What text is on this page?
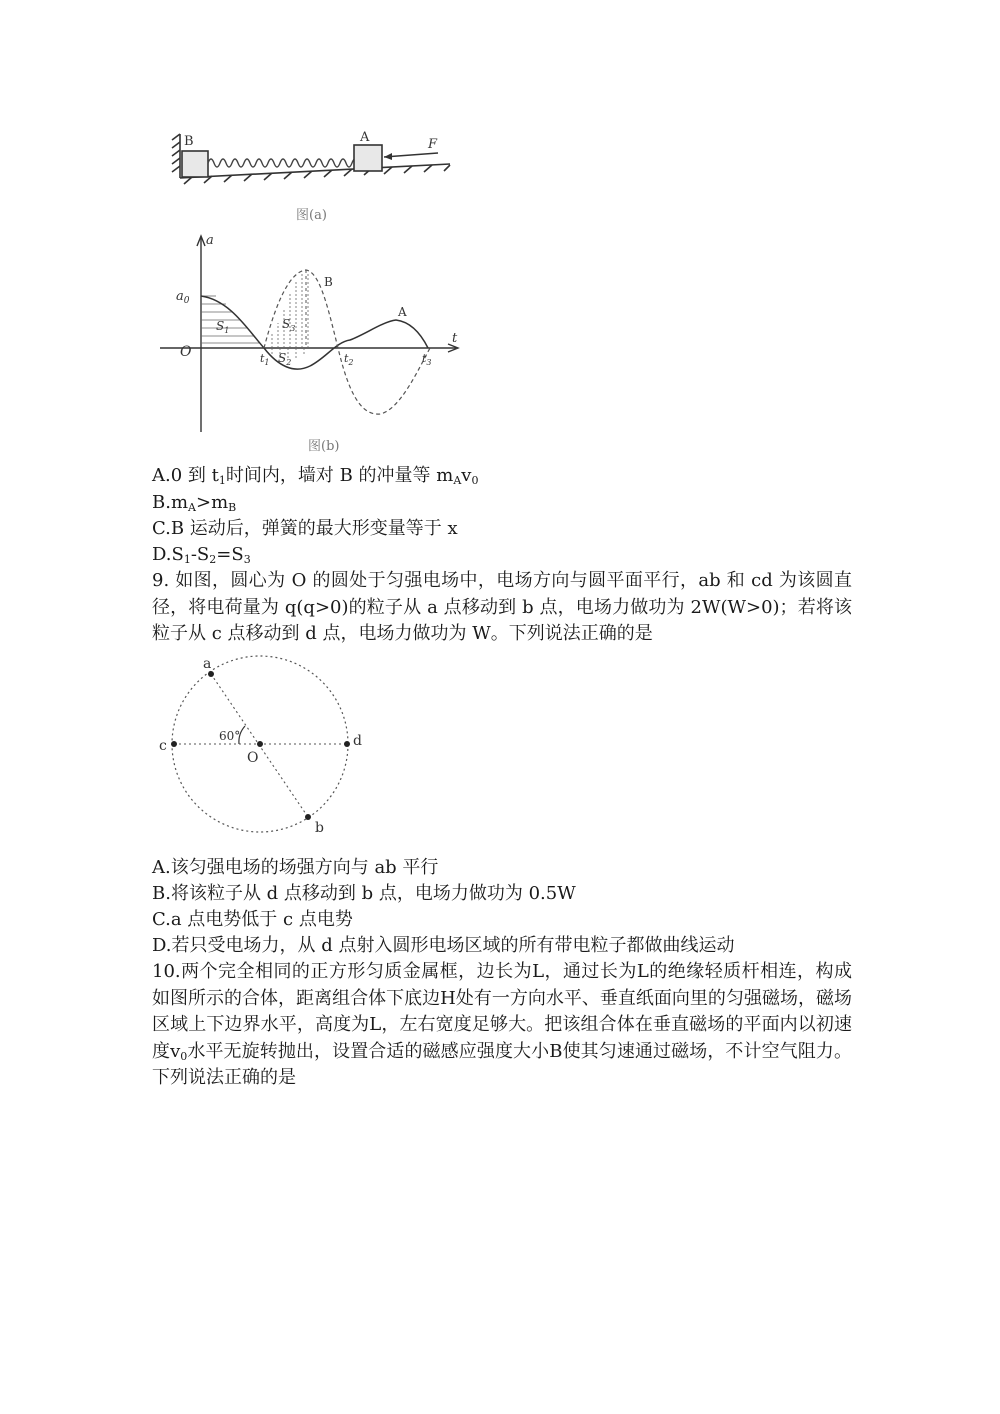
B	A	F
图(a)
a
t
O
$a_0$
B
A
$S_1$	$S_3$
$S_2$
$t_1$	$t_2$	$t_3$
图(b)
A.0 到 $t_1$时间内，墙对 B 的冲量等 $m_Av_0$
$B.m_A>m_B$
C.B 运动后，弹簧的最大形变量等于 x
$D.S_1-S_2=S_3$
9. 如图，圆心为 O 的圆处于匀强电场中，电场方向与圆平面平行，ab 和 cd 为该圆直径，将电荷量为 q(q>0)的粒子从 a 点移动到 b 点，电场力做功为 2W(W>0)；若将该粒子从 c 点移动到 d 点，电场力做功为 W。下列说法正确的是
a
b
c	d
O
60°
A.该匀强电场的场强方向与 ab 平行
B.将该粒子从 d 点移动到 b 点，电场力做功为 0.5W
C.a 点电势低于 c 点电势
D.若只受电场力，从 d 点射入圆形电场区域的所有带电粒子都做曲线运动
10.两个完全相同的正方形匀质金属框，边长为L，通过长为L的绝缘轻质杆相连，构成如图所示的合体，距离组合体下底边H处有一方向水平、垂直纸面向里的匀强磁场，磁场区域上下边界水平，高度为L，左右宽度足够大。把该组合体在垂直磁场的平面内以初速度$v_0$水平无旋转抛出，设置合适的磁感应强度大小B使其匀速通过磁场，不计空气阻力。下列说法正确的是
